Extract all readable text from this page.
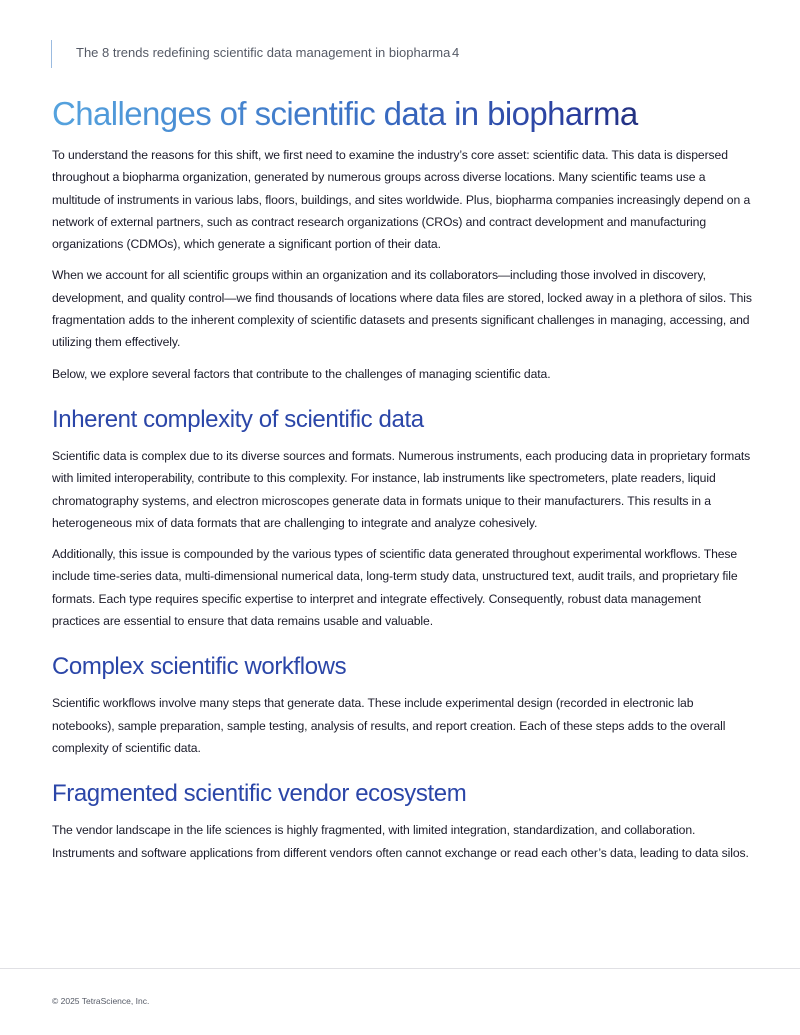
The 8 trends redefining scientific data management in biopharma 4
Challenges of scientific data in biopharma

To understand the reasons for this shift, we first need to examine the industry’s core asset: scientific data. This data is dispersed throughout a biopharma organization, generated by numerous groups across diverse locations. Many scientific teams use a multitude of instruments in various labs, floors, buildings, and sites worldwide. Plus, biopharma companies increasingly depend on a network of external partners, such as contract research organizations (CROs) and contract development and manufacturing organizations (CDMOs), which generate a significant portion of their data.

When we account for all scientific groups within an organization and its collaborators—including those involved in discovery, development, and quality control—we find thousands of locations where data files are stored, locked away in a plethora of silos. This fragmentation adds to the inherent complexity of scientific datasets and presents significant challenges in managing, accessing, and utilizing them effectively.

Below, we explore several factors that contribute to the challenges of managing scientific data.

Inherent complexity of scientific data

Scientific data is complex due to its diverse sources and formats. Numerous instruments, each producing data in proprietary formats with limited interoperability, contribute to this complexity. For instance, lab instruments like spectrometers, plate readers, liquid chromatography systems, and electron microscopes generate data in formats unique to their manufacturers. This results in a heterogeneous mix of data formats that are challenging to integrate and analyze cohesively.

Additionally, this issue is compounded by the various types of scientific data generated throughout experimental workflows. These include time-series data, multi-dimensional numerical data, long-term study data, unstructured text, audit trails, and proprietary file formats. Each type requires specific expertise to interpret and integrate effectively. Consequently, robust data management practices are essential to ensure that data remains usable and valuable.

Complex scientific workflows

Scientific workflows involve many steps that generate data. These include experimental design (recorded in electronic lab notebooks), sample preparation, sample testing, analysis of results, and report creation. Each of these steps adds to the overall complexity of scientific data.

Fragmented scientific vendor ecosystem

The vendor landscape in the life sciences is highly fragmented, with limited integration, standardization, and collaboration. Instruments and software applications from different vendors often cannot exchange or read each other’s data, leading to data silos.

© 2025 TetraScience, Inc.
